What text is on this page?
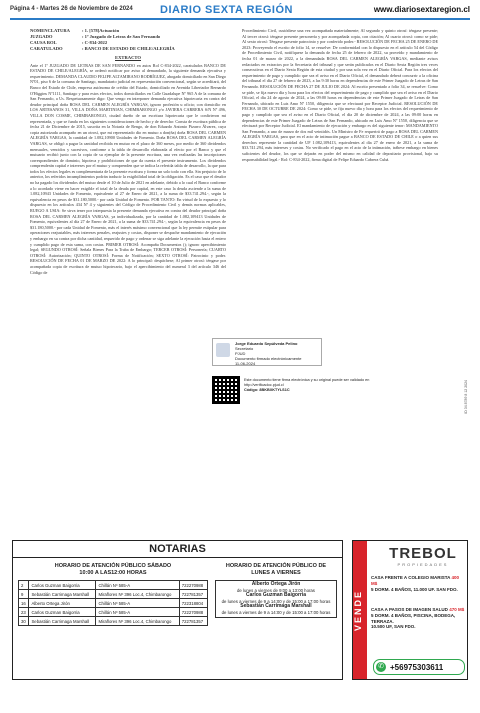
Página 4 - Martes 26 de Noviembre de 2024 DIARIO SEXTA REGIÓN	www.diariosextaregion.cl
NOMENCLATURA	: 1. [578]Actuación
JUZGADO	: 1º Juzgado de Letras de San Fernando
CAUSA ROL	: C-834-2022
CARATULADO	: BANCO DE ESTADO DE CHILE/ALEGRÍA
EXTRACTO

Ante el 1º JUZGADO DE LETRAS DE SAN FERNANDO en autos Rol C-834-2022, caratulados BANCO DE ESTADO DE CHILE/ALEGRÍA, se ordenó notificar por aviso al demandado, la siguiente demanda ejecutiva y requerimiento. DEMANDA CLAUDIO FELIPE ALTAMIRANO RODRÍGUEZ, abogado domiciliado en San Diego Nº01, piso 6 de la comuna de Santiago, mandatario judicial en representación convencional, según se acreditará, del Banco del Estado de Chile, empresa autónoma de crédito del Estado, domiciliado en Avenida Libertador Bernardo O'Higgins Nº1111, Santiago y para estos efectos, todos domiciliados en Calle Guadalupe Nº 965 A de la comuna de San Fernando, a Us. Respetuosamente digo: Que vengo en interponer demanda ejecutiva hipotecaria en contra del deudor principal doña ROSA DEL CARMEN ALEGRÍA VARGAS, ignoro profesión u oficio; con domicilio en LOS ARTESANOS 31, VILLA DOÑA MARTINIAN, CHIMBARONGO y/o JAVIERA CARRERA S/N Nº 496, VILLA DON COSME, CHIMBARONGO, ciudad dueño de un escritura hipotecaria que le confirieron mi representada, y que se funda en los siguientes consideraciones de hecho y de derecho: Consta de escritura pública de fecha 21 de Diciembre de 2015, suscrita en la Notaría de Rengo, de don Eduardo Antonio Pizarro Álvarez, cuya copia autorizada acompaño en un otrosí, que mi representado dio en mutuo a don(ña) doña ROSA DEL CARMEN ALEGRÍA VARGAS, la cantidad de 1.082,10900 Unidades de Fomento. Doña ROSA DEL CARMEN ALEGRÍA VARGAS, se obligó a pagar la cantidad recibida en mutuo en el plazo de 360 meses, por medio de 360 dividendos mensuales, vencidos y sucesivos, conforme a la tabla de desarrollo elaborada al efecto por el Banco y que el mutuario recibió junto con la copia de su ejemplar de la presente escritura, una vez realizadas las inscripciones correspondientes de dominio, hipoteca y prohibiciones de que da cuenta el presente instrumento. Los dividendos comprenderán capital e intereses por el mutuo y comprenden que se indica la referida tabla de desarrollo, la que para todos los efectos legales es complementaria de la presente escritura y forma un solo todo con ella. Sin perjuicio de lo anterior, los referidos incumplimientos podrán traducir la exigibilidad total de la obligación. Es el caso que el deudor no ha pagado los dividendos del mutuo desde el 10 de Julio de 2021 en adelante, debido a lo cual el Banco conforme a lo acordado viene en hacer exigible el total de la deuda por capital, en este caso la deuda asciende a la suma de 1.082,10943 Unidades de Fomento, equivalente al 27 de Enero de 2021, a la suma de $33.741.294.-, según la equivalencia en pesos de $31.180,5000.- por cada Unidad de Fomento. POR TANTO: En virtud de lo expuesto y lo dispuesto en los artículos 434 Nº 4 y siguientes del Código de Procedimiento Civil y demás normas aplicables, RUEGO A USIA: Se sirva tener por interpuesta la presente demanda ejecutiva en contra del deudor principal doña ROSA DEL CARMEN ALEGRÍA VARGAS, ya individualizada, por la cantidad de 1.082,109413 Unidades de Fomento, equivalentes al día 27 de Enero de 2021, a la suma de $33.741.294.-, según la equivalencia en pesos de $31.180,5000.- por cada Unidad de Fomento, más el interés máximo convencional que la ley permite estipular para operaciones reajustables, más intereses penales, reajustes y costas, disponer se despache mandamiento de ejecución y embargo en su contra por dicha cantidad, requerido de pago y ordenar se siga adelante la ejecución hasta el entero y cumplido pago de esta suma, con costas. PRIMER OTROSÍ: Acompaña Documentos (); ignoro apercibimiento legal; SEGUNDO OTROSÍ: Señala Bienes Para la Traba de Embargo; TERCER OTROSÍ: Personería; CUARTO OTROSÍ: Autorización; QUINTO OTROSÍ: Forma de Notificación; SEXTO OTROSÍ: Patrocinio y poder. RESOLUCIÓN DE FECHA 01 DE MARZO DE 2022: A lo principal: despáchese; Al primer otrosí: téngase por acompañada copia de escritura de mutuo hipotecario, bajo el apercibimiento del numeral 3 del artículo 346 del Código de

Procedimiento Civil, custódiese una vez acompañada materialmente; Al segundo y quinto otrosí: téngase presente; Al tercer otrosí: téngase presente personería y por acompañada copia, con citación; Al cuarto otrosí: como se pide; Al sexto otrosí: Téngase presente patrocinio y por conferido poder.- RESOLUCIÓN DE FECHA 25 DE ENERO DE 2023: Proveyendo el escrito de folio 14, se resuelve: De conformidad con lo dispuesto en el artículo 54 del Código de Procedimiento Civil, notifíquese la demanda de fecha 25 de febrero de 2022, su proveído y mandamiento de fecha 01 de marzo de 2022, a la demandada ROSA DEL CARMEN ALEGRÍA VARGAS, mediante avisos redactados en extractos por la Secretaria del tribunal y que serán publicados en el Diario Sexta Región tres veces consecutivas en el Diario Sexta Región de esta ciudad y por una sola vez en el Diario Oficial. Para los efectos del requerimiento de pago y cumplido que sea el aviso en el Diario Oficial, el demandado deberá concurrir a la oficina del tribunal el día 27 de febrero de 2023, a las 9:30 horas en dependencias de este Primer Juzgado de Letras de San Fernando. RESOLUCIÓN DE FECHA 27 DE JULIO DE 2024: Al escrito presentado a folio 34, se resuelve: Como se pide, se fija nuevo día y hora para los efectos del requerimiento de pago y cumplido que sea el aviso en el Diario Oficial, el día 24 de agosto de 2024, a las 09:00 horas en dependencias de este Primer Juzgado de Letras de San Fernando, ubicado en Luis Amo Nº 1550, diligencia que se efectuará por Receptor Judicial. RESOLUCIÓN DE FECHA 30 DE OCTUBRE DE 2024: Como se pide, se fija nuevo día y hora para los efectos del requerimiento de pago y cumplido que sea el aviso en el Diario Oficial, el día 20 de diciembre de 2024, a las 09:00 horas en dependencias de este Primer Juzgado de Letras de San Fernando, ubicado en Luis Amo Nº 1550, diligencia que se efectuará por Receptor Judicial. El mandamiento de ejecución y embargo es del siguiente tenor: MANDAMIENTO San Fernando, a uno de marzo de dos mil veintidós. Un Ministro de Fe requerirá de pago a ROSA DEL CARMEN ALEGRÍA VARGAS, para que en el acto de intimación pague a BANCO DE ESTADO DE CHILE o a quien sus derechos represente la cantidad de UF 1.082,109413, equivalentes al día 27 de enero de 2021, a la suma de $33.741.294, más intereses y costas. No verificado el pago en el acto de la intimación, trábese embargo en bienes suficientes del deudor, los que se dejarán en poder del mismo en calidad de depositario provisional, bajo su responsabilidad legal.- Rol: C-834-2022, firma digital de Felipe Eduardo Cabrera Cubá.

Jorge Eduardo Sepúlveda Pelino
Secretario
PJUD
Documento firmado electrónicamente
11-06-2024
Este documento tiene firma electrónica y su original puede ser validado en http://verificadoc.pjud.cl
Código: 8BKBXKTYLS1C	ID 34 8789 8 12 2024
NOTARIAS
HORARIO DE ATENCIÓN PÚBLICO SÁBADO
10:00 A LAS12:00 HORAS
2	Carlos Guzman Baigorria	Chillán Nº 585-A	722270988
9	Sebastián Carrimaga Marshall	Miraflores Nº 396 Loc.4, Chimbarongo	722781357
16	Alberto Ortega Jirón	Chillán Nº 585-A	722318804
23	Carlos Guzman Baigorria	Chillán Nº 585-A	722270988
30	Sebastián Carrimaga Marshall	Miraflores Nº 396 Loc.4, Chimbarongo	722781357
HORARIO DE ATENCIÓN PÚBLICO DE
LUNES A VIERNES
Alberto Ortega Jirón
de lunes a viernes de 9:00 a 13:00 horas
Carlos Guzman Baigorria
de lunes a viernes de 9 a 14:00 y de 15:00 a 17:00 horas
Sebastián Carrimaga Marshall
de lunes a viernes de 9 a 14:00 y de 15:00 a 17:00 horas	VENDE
TREBOL
PROPIEDADES
CASA FRENTE A COLEGIO MARISTA 400 M$
5 DORM. 4 BAÑOS, 11.000 UF. SAN FDO.
CASA A PASOS DE IMAGEN SALUD 470 M$
5 DORM. 4 BAÑOS, PISCINA, BODEGA, TERRAZA.
10.500 UF, SAN FDO.
✆ +56975303611
